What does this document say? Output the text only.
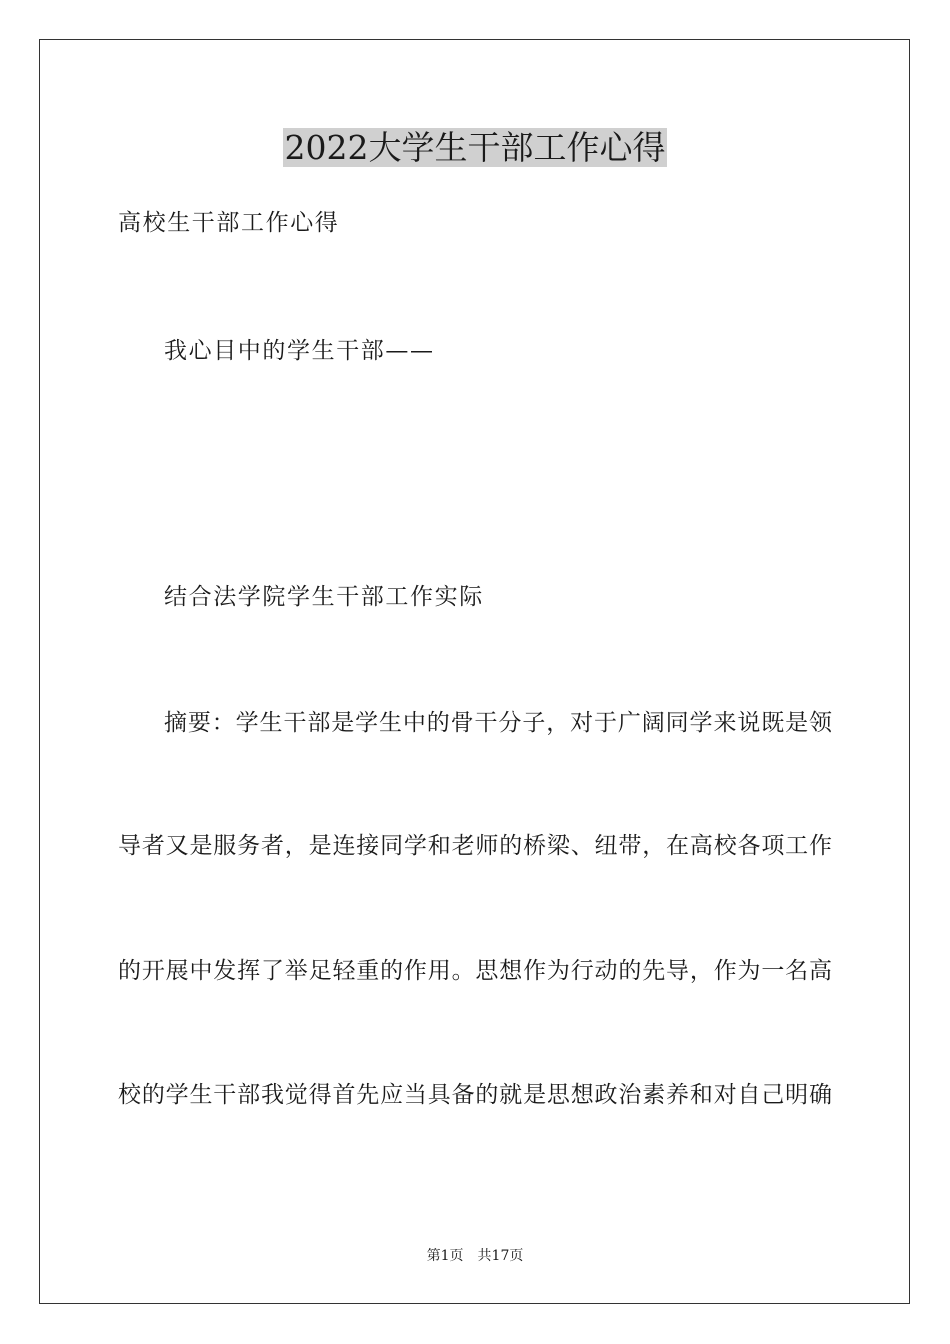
2022大学生干部工作心得
高校生干部工作心得
我心目中的学生干部——
结合法学院学生干部工作实际
摘要：学生干部是学生中的骨干分子，对于广阔同学来说既是领
导者又是服务者，是连接同学和老师的桥梁、纽带，在高校各项工作
的开展中发挥了举足轻重的作用。思想作为行动的先导，作为一名高
校的学生干部我觉得首先应当具备的就是思想政治素养和对自己明确
第1页 共17页
